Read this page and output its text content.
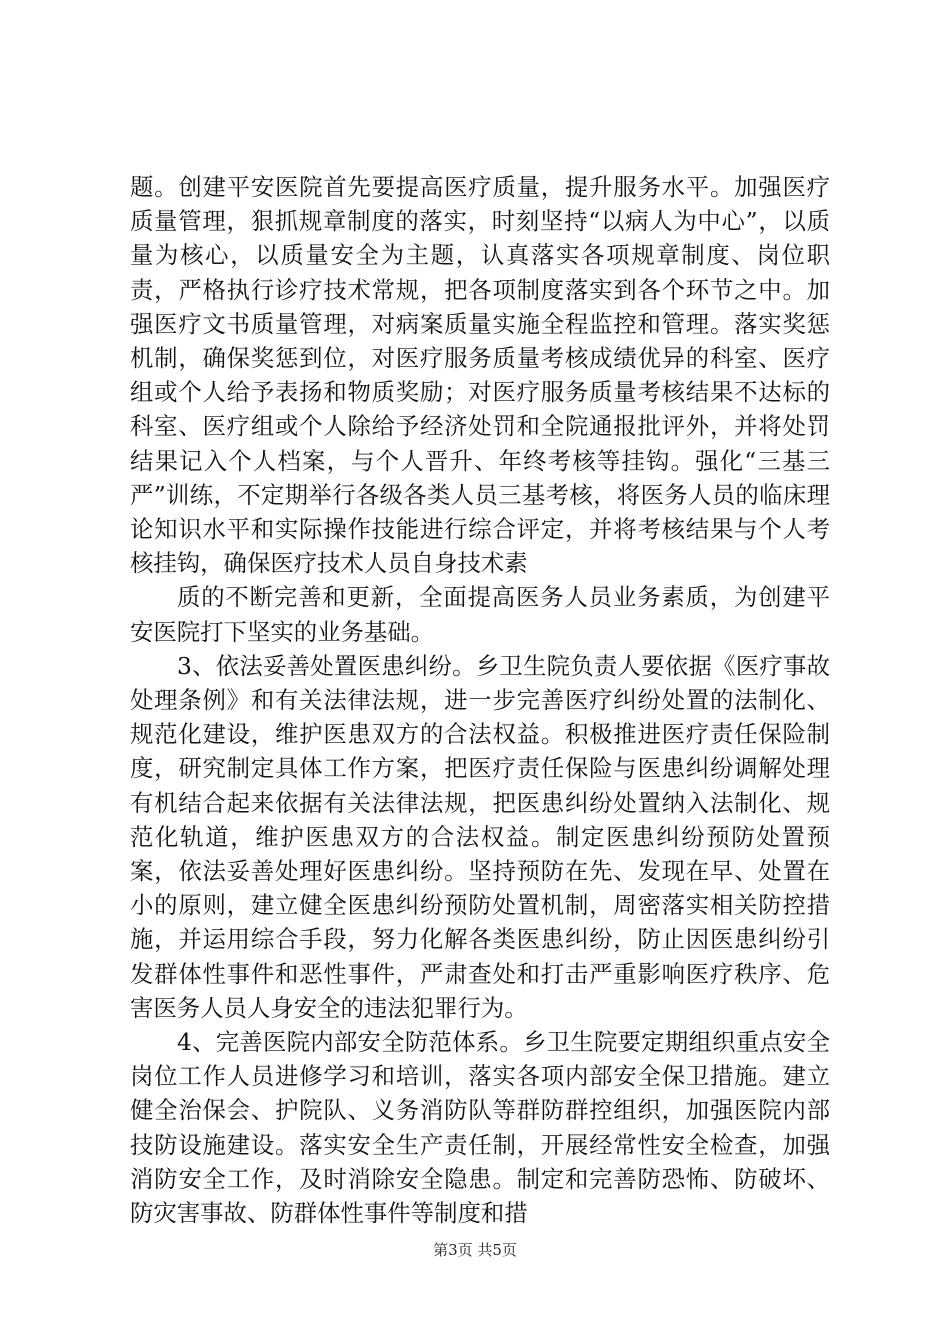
题。创建平安医院首先要提高医疗质量，提升服务水平。加强医疗质量管理，狠抓规章制度的落实，时刻坚持“以病人为中心”，以质量为核心，以质量安全为主题，认真落实各项规章制度、岗位职责，严格执行诊疗技术常规，把各项制度落实到各个环节之中。加强医疗文书质量管理，对病案质量实施全程监控和管理。落实奖惩机制，确保奖惩到位，对医疗服务质量考核成绩优异的科室、医疗组或个人给予表扬和物质奖励；对医疗服务质量考核结果不达标的科室、医疗组或个人除给予经济处罚和全院通报批评外，并将处罚结果记入个人档案，与个人晋升、年终考核等挂钩。强化“三基三严”训练，不定期举行各级各类人员三基考核，将医务人员的临床理论知识水平和实际操作技能进行综合评定，并将考核结果与个人考核挂钩，确保医疗技术人员自身技术素

质的不断完善和更新，全面提高医务人员业务素质，为创建平安医院打下坚实的业务基础。

3、依法妥善处置医患纠纷。乡卫生院负责人要依据《医疗事故处理条例》和有关法律法规，进一步完善医疗纠纷处置的法制化、规范化建设，维护医患双方的合法权益。积极推进医疗责任保险制度，研究制定具体工作方案，把医疗责任保险与医患纠纷调解处理有机结合起来依据有关法律法规，把医患纠纷处置纳入法制化、规范化轨道，维护医患双方的合法权益。制定医患纠纷预防处置预案，依法妥善处理好医患纠纷。坚持预防在先、发现在早、处置在小的原则，建立健全医患纠纷预防处置机制，周密落实相关防控措施，并运用综合手段，努力化解各类医患纠纷，防止因医患纠纷引发群体性事件和恶性事件，严肃查处和打击严重影响医疗秩序、危害医务人员人身安全的违法犯罪行为。

4、完善医院内部安全防范体系。乡卫生院要定期组织重点安全岗位工作人员进修学习和培训，落实各项内部安全保卫措施。建立健全治保会、护院队、义务消防队等群防群控组织，加强医院内部技防设施建设。落实安全生产责任制，开展经常性安全检查，加强消防安全工作，及时消除安全隐患。制定和完善防恐怖、防破坏、防灾害事故、防群体性事件等制度和措

第3页 共5页
